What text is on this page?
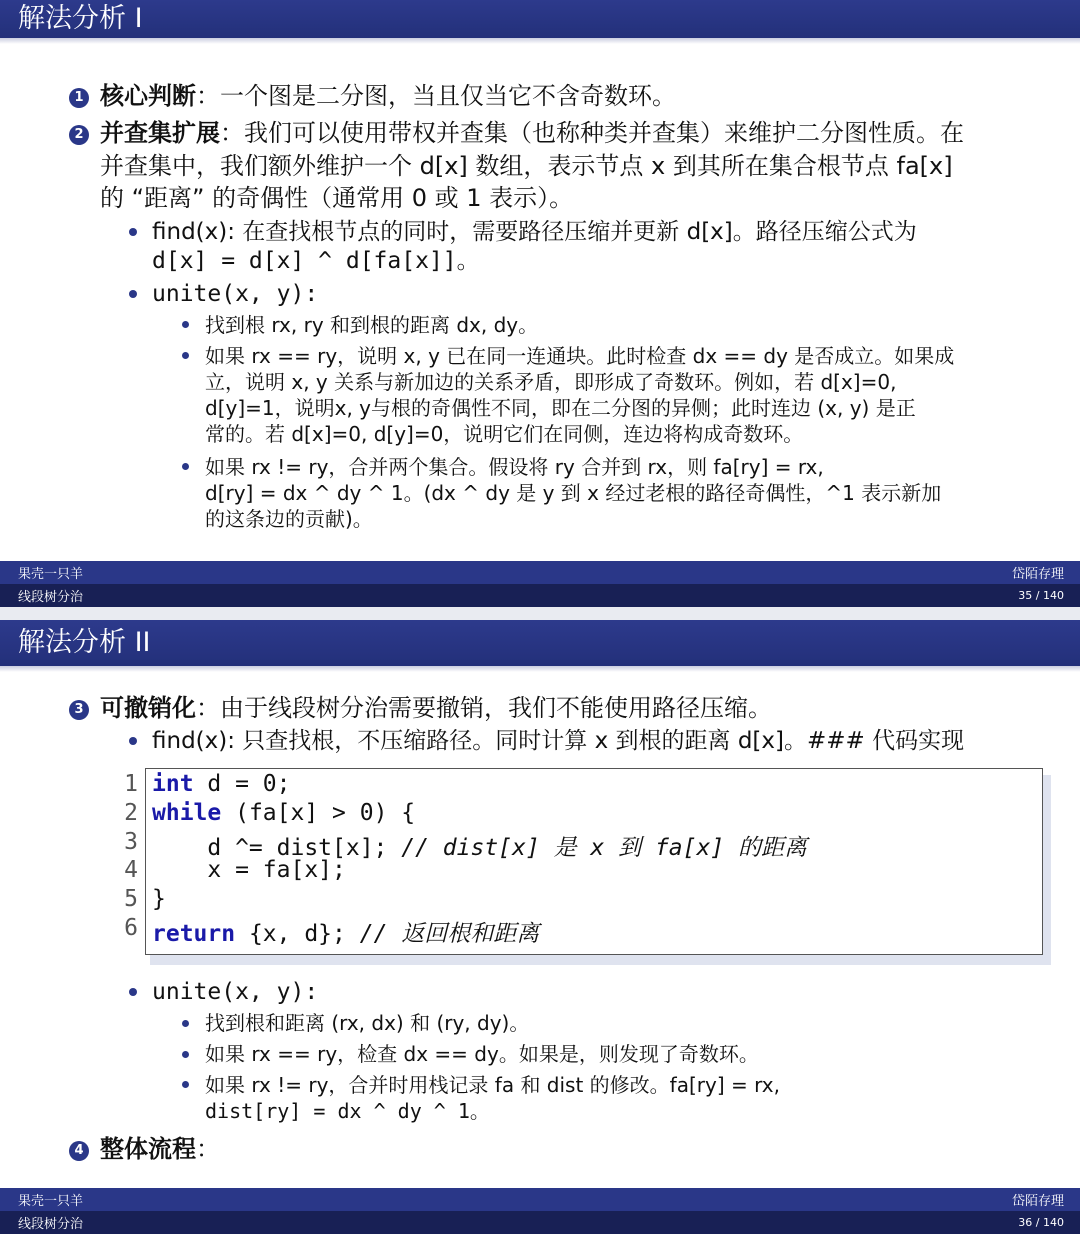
解法分析 I
1 核心判断：一个图是二分图，当且仅当它不含奇数环。
2 并查集扩展：我们可以使用带权并查集（也称种类并查集）来维护二分图性质。在
并查集中，我们额外维护一个 d[x] 数组，表示节点 x 到其所在集合根节点 fa[x]
的 “距离” 的奇偶性（通常用 0 或 1 表示）。
find(x): 在查找根节点的同时，需要路径压缩并更新 d[x]。路径压缩公式为
d[x] = d[x] ^ d[fa[x]]。
unite(x, y):
找到根 rx, ry 和到根的距离 dx, dy。
如果 rx == ry，说明 x, y 已在同一连通块。此时检查 dx == dy 是否成立。如果成
立，说明 x, y 关系与新加边的关系矛盾，即形成了奇数环。例如，若 d[x]=0,
d[y]=1，说明x, y与根的奇偶性不同，即在二分图的异侧；此时连边 (x, y) 是正
常的。若 d[x]=0, d[y]=0，说明它们在同侧，连边将构成奇数环。
如果 rx != ry，合并两个集合。假设将 ry 合并到 rx，则 fa[ry] = rx,
d[ry] = dx ^ dy ^ 1。(dx ^ dy 是 y 到 x 经过老根的路径奇偶性，^1 表示新加
的这条边的贡献)。
果壳一只羊	岱陌存理
线段树分治	35 / 140
解法分析 II
3 可撤销化：由于线段树分治需要撤销，我们不能使用路径压缩。
find(x): 只查找根，不压缩路径。同时计算 x 到根的距离 d[x]。### 代码实现
1 int d = 0;
2 while (fa[x] > 0) {
3 d ^= dist[x]; // dist[x] 是 x 到 fa[x] 的距离
4 x = fa[x];
5 }
6 return {x, d}; // 返回根和距离
unite(x, y):
找到根和距离 (rx, dx) 和 (ry, dy)。
如果 rx == ry，检查 dx == dy。如果是，则发现了奇数环。
如果 rx != ry，合并时用栈记录 fa 和 dist 的修改。fa[ry] = rx,
dist[ry] = dx ^ dy ^ 1。
4 整体流程：
果壳一只羊	岱陌存理
线段树分治	36 / 140
